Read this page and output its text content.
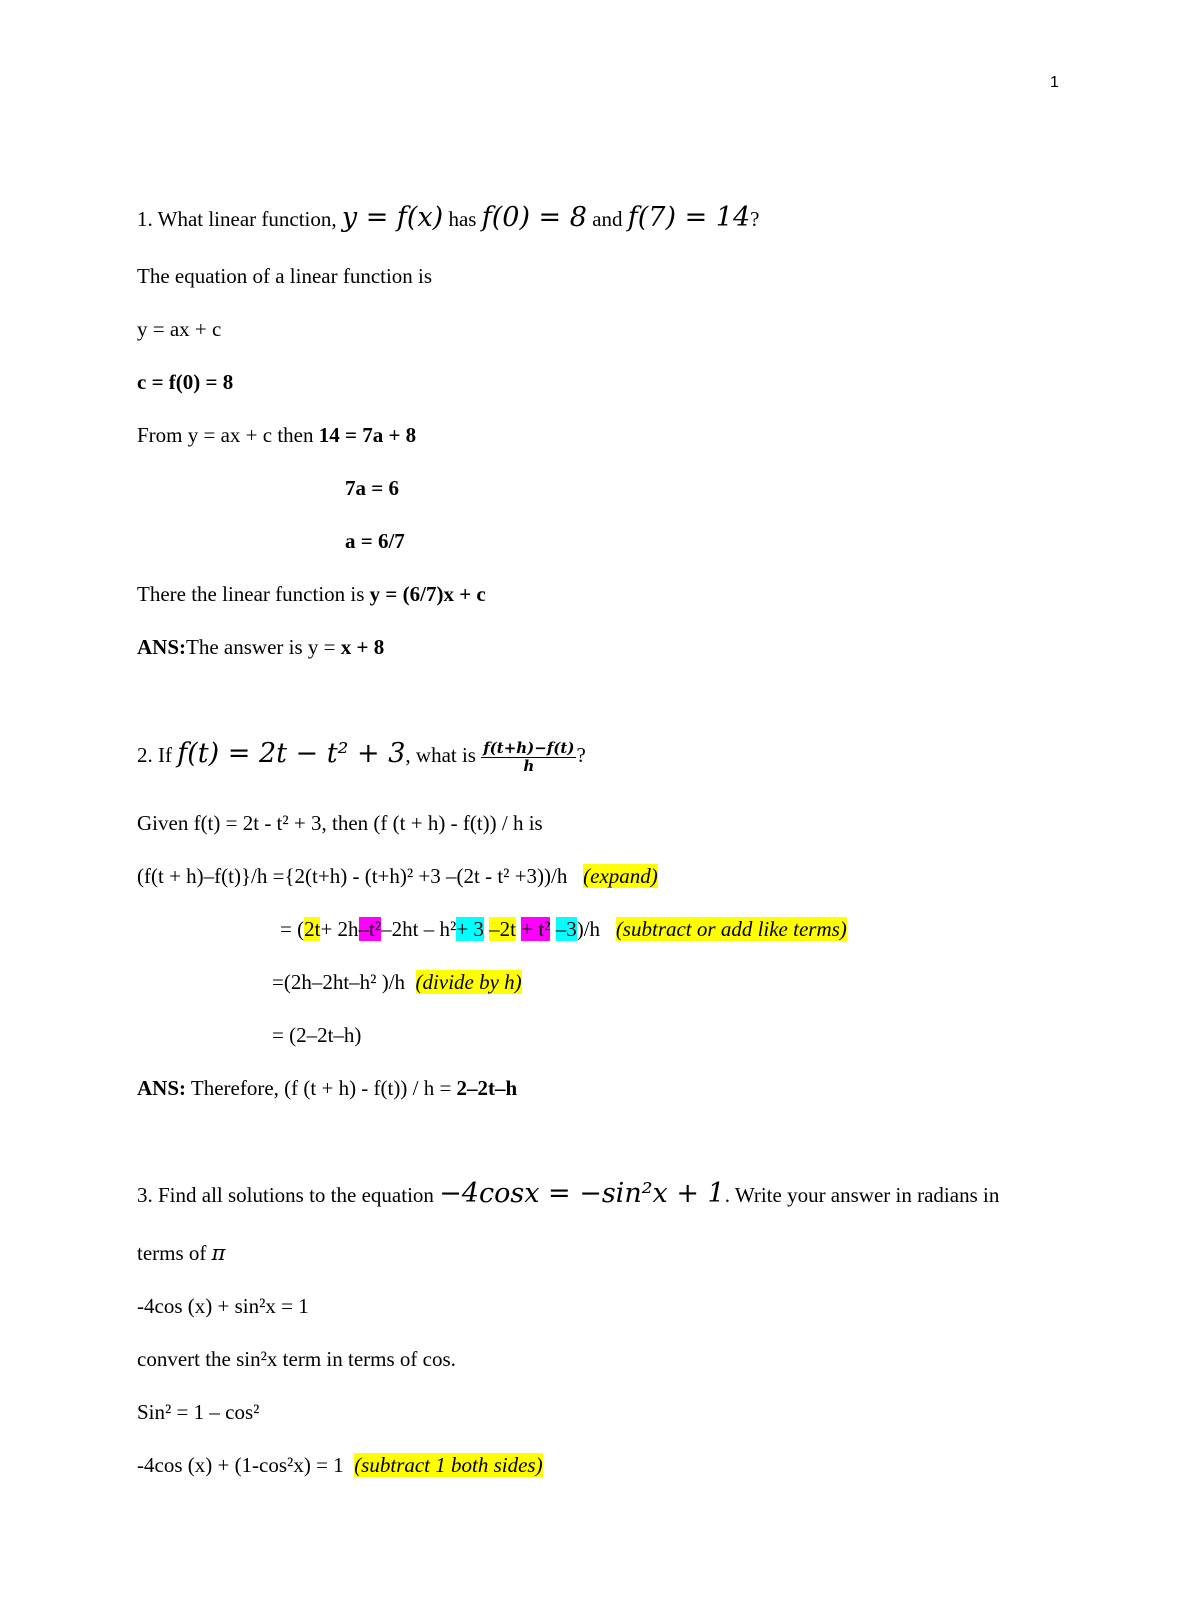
1
1. What linear function, y = f(x) has f(0) = 8 and f(7) = 14?
The equation of a linear function is
y = ax + c
c = f(0) = 8
From y = ax + c then 14 = 7a + 8
7a = 6
a = 6/7
There the linear function is y = (6/7)x + c
ANS:The answer is y = x + 8
2. If f(t) = 2t − t² + 3, what is $\frac{f(t+h)-f(t)}{h}$ ?
Given f(t) = 2t - t² + 3, then (f (t + h) - f(t)) / h is
(f(t + h)–f(t)}/h ={2(t+h) - (t+h)² +3 –(2t - t² +3))/h (expand)
= (2t+ 2h–t²–2ht – h²+ 3 –2t + t² –3)/h (subtract or add like terms)
=(2h–2ht–h² )/h (divide by h)
= (2–2t–h)
ANS: Therefore, (f (t + h) - f(t)) / h = 2–2t–h
3. Find all solutions to the equation −4cosx = −sin²x + 1. Write your answer in radians in
terms of π
-4cos (x) + sin²x = 1
convert the sin²x term in terms of cos.
Sin² = 1 – cos²
-4cos (x) + (1-cos²x) = 1 (subtract 1 both sides)
